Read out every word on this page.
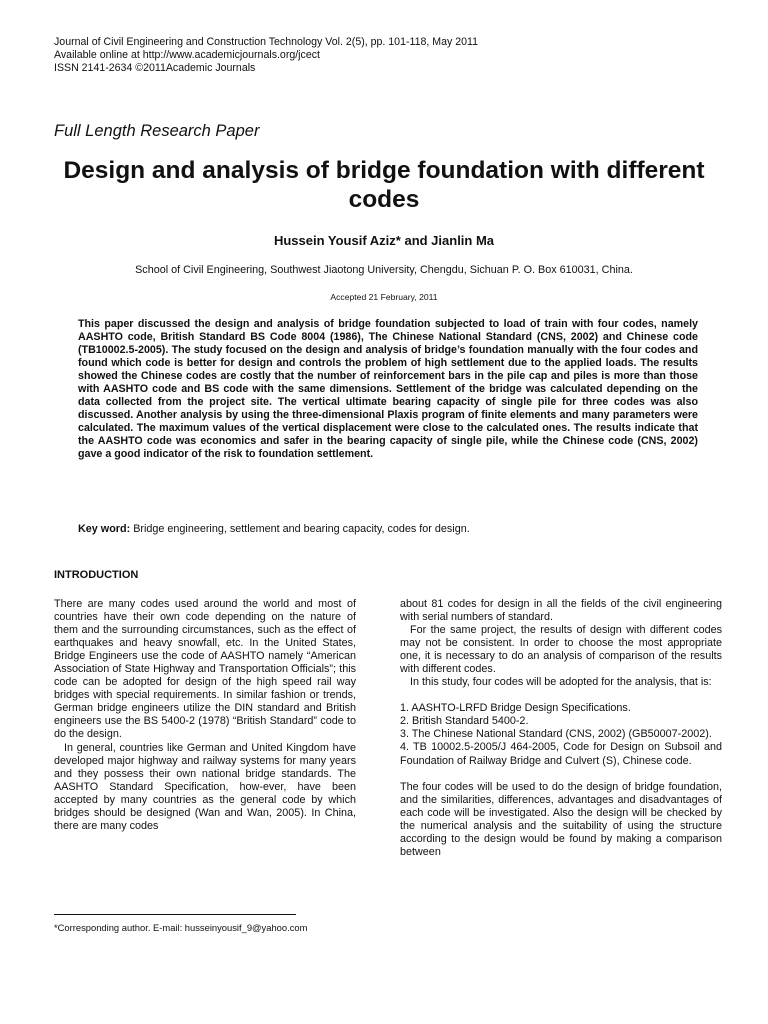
Journal of Civil Engineering and Construction Technology Vol. 2(5), pp. 101-118, May 2011
Available online at http://www.academicjournals.org/jcect
ISSN 2141-2634 ©2011Academic Journals
Full Length Research Paper
Design and analysis of bridge foundation with different codes
Hussein Yousif Aziz* and Jianlin Ma
School of Civil Engineering, Southwest Jiaotong University, Chengdu, Sichuan P. O. Box 610031, China.
Accepted 21 February, 2011

This paper discussed the design and analysis of bridge foundation subjected to load of train with four codes, namely AASHTO code, British Standard BS Code 8004 (1986), The Chinese National Standard (CNS, 2002) and Chinese code (TB10002.5-2005). The study focused on the design and analysis of bridge’s foundation manually with the four codes and found which code is better for design and controls the problem of high settlement due to the applied loads. The results showed the Chinese codes are costly that the number of reinforcement bars in the pile cap and piles is more than those with AASHTO code and BS code with the same dimensions. Settlement of the bridge was calculated depending on the data collected from the project site. The vertical ultimate bearing capacity of single pile for three codes was also discussed. Another analysis by using the three-dimensional Plaxis program of finite elements and many parameters were calculated. The maximum values of the vertical displacement were close to the calculated ones. The results indicate that the AASHTO code was economics and safer in the bearing capacity of single pile, while the Chinese code (CNS, 2002) gave a good indicator of the risk to foundation settlement.

Key word: Bridge engineering, settlement and bearing capacity, codes for design.

INTRODUCTION

There are many codes used around the world and most of countries have their own code depending on the nature of them and the surrounding circumstances, such as the effect of earthquakes and heavy snowfall, etc. In the United States, Bridge Engineers use the code of AASHTO namely “American Association of State Highway and Transportation Officials”; this code can be adopted for design of the high speed rail way bridges with special requirements. In similar fashion or trends, German bridge engineers utilize the DIN standard and British engineers use the BS 5400-2 (1978) “British Standard” code to do the design.

In general, countries like German and United Kingdom have developed major highway and railway systems for many years and they possess their own national bridge standards. The AASHTO Standard Specification, how-ever, have been accepted by many countries as the general code by which bridges should be designed (Wan and Wan, 2005). In China, there are many codes

about 81 codes for design in all the fields of the civil engineering with serial numbers of standard.

For the same project, the results of design with different codes may not be consistent. In order to choose the most appropriate one, it is necessary to do an analysis of comparison of the results with different codes.

In this study, four codes will be adopted for the analysis, that is:

1. AASHTO-LRFD Bridge Design Specifications.
2. British Standard 5400-2.
3. The Chinese National Standard (CNS, 2002) (GB50007-2002).
4. TB 10002.5-2005/J 464-2005, Code for Design on Subsoil and Foundation of Railway Bridge and Culvert (S), Chinese code.

The four codes will be used to do the design of bridge foundation, and the similarities, differences, advantages and disadvantages of each code will be investigated. Also the design will be checked by the numerical analysis and the suitability of using the structure according to the design would be found by making a comparison between

*Corresponding author. E-mail: husseinyousif_9@yahoo.com
